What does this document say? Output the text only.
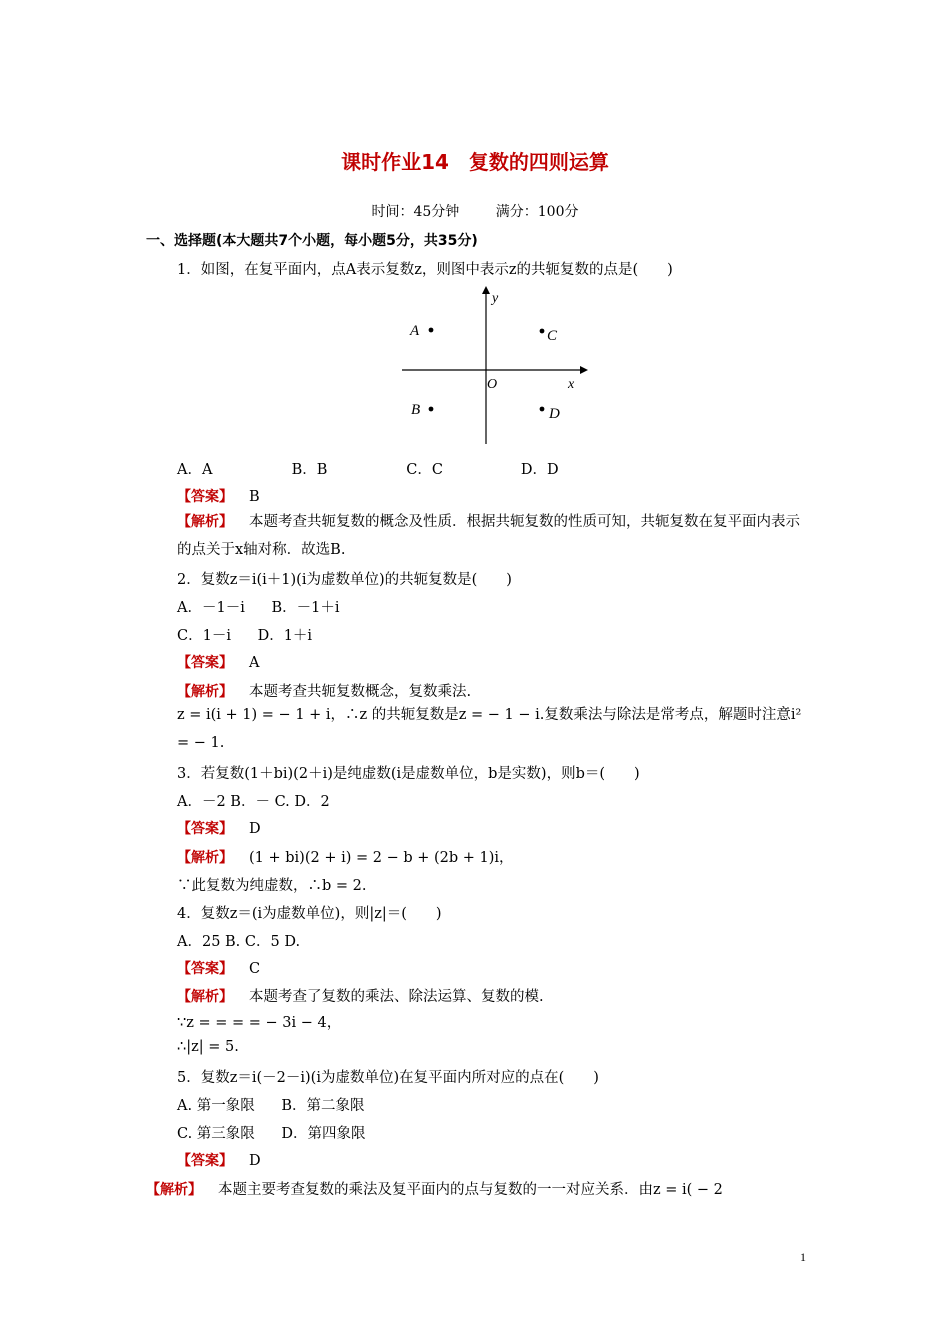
课时作业14　复数的四则运算
时间：45分钟	满分：100分
一、选择题(本大题共7个小题，每小题5分，共35分)
1．如图，在复平面内，点A表示复数z，则图中表示z的共轭复数的点是(　　)
y
x
O
A	C
B	D
A．A	B．B	C．C	D．D
【答案】 B
【解析】 本题考查共轭复数的概念及性质．根据共轭复数的性质可知，共轭复数在复平面内表示的点关于x轴对称．故选B.
2．复数z＝i(i＋1)(i为虚数单位)的共轭复数是(　　)
A．－1－i B．－1＋i
C．1－i D．1＋i
【答案】 A
【解析】 本题考查共轭复数概念，复数乘法.
z = i(i + 1) = − 1 + i，∴z 的共轭复数是z = − 1 − i.复数乘法与除法是常考点，解题时注意i² = − 1.
3．若复数(1＋bi)(2＋i)是纯虚数(i是虚数单位，b是实数)，则b＝(　　)
A．－2 B．－ C. D．2
【答案】 D
【解析】 (1 + bi)(2 + i) = 2 − b + (2b + 1)i，
∵此复数为纯虚数，∴b = 2.
4．复数z＝(i为虚数单位)，则|z|＝(　　)
A．25 B. C．5 D.
【答案】 C
【解析】 本题考查了复数的乘法、除法运算、复数的模.
∵z = = = = − 3i − 4，
∴|z| = 5.
5．复数z＝i(－2－i)(i为虚数单位)在复平面内所对应的点在(　　)
A. 第一象限 B．第二象限
C. 第三象限 D．第四象限
【答案】 D
【解析】 本题主要考查复数的乘法及复平面内的点与复数的一一对应关系．由z = i( − 2
1
